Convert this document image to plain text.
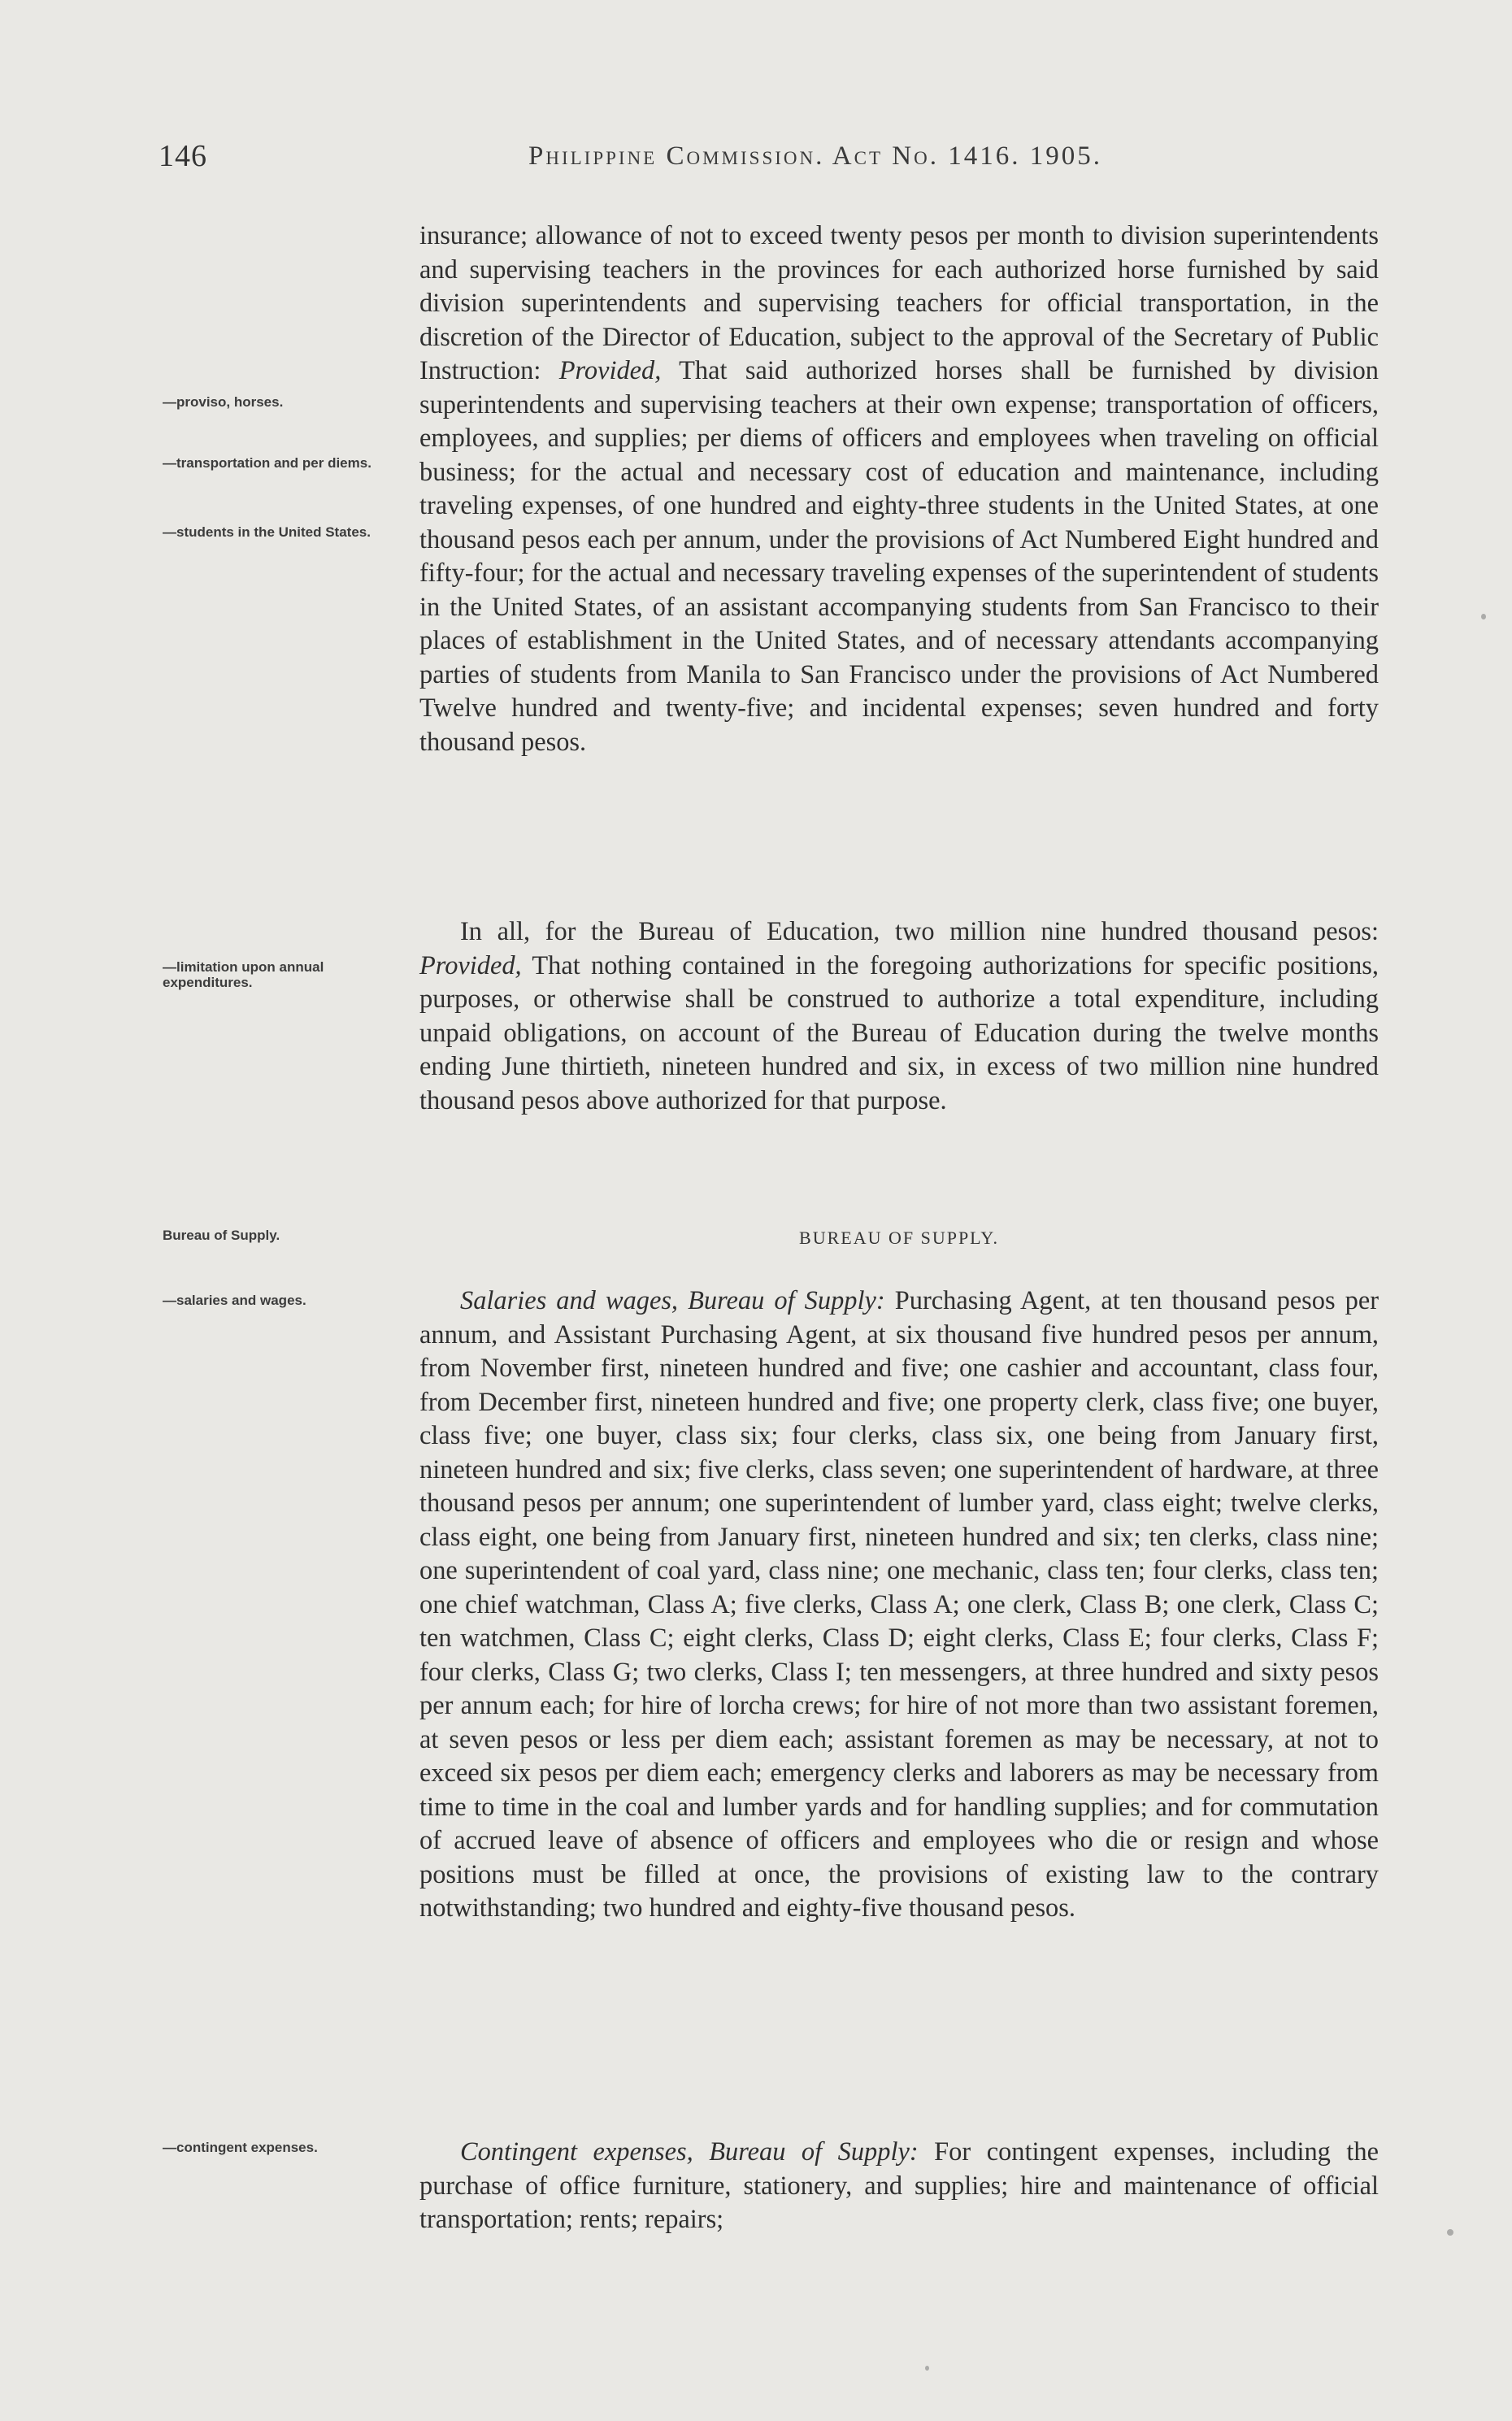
146	Philippine Commission. Act No. 1416. 1905.
—proviso, horses.
—transportation and per diems.
—students in the United States.
—limitation upon annual expenditures.
Bureau of Supply.
—salaries and wages.
—contingent expenses.

insurance; allowance of not to exceed twenty pesos per month to division superintendents and supervising teachers in the provinces for each authorized horse furnished by said division superintendents and supervising teachers for official transportation, in the discretion of the Director of Education, subject to the approval of the Secretary of Public Instruction: Provided, That said authorized horses shall be furnished by division superintendents and supervising teachers at their own expense; transportation of officers, employees, and supplies; per diems of officers and employees when traveling on official business; for the actual and necessary cost of education and maintenance, including traveling expenses, of one hundred and eighty-three students in the United States, at one thousand pesos each per annum, under the provisions of Act Numbered Eight hundred and fifty-four; for the actual and necessary traveling expenses of the superintendent of students in the United States, of an assistant accompanying students from San Francisco to their places of establishment in the United States, and of necessary attendants accompanying parties of students from Manila to San Francisco under the provisions of Act Numbered Twelve hundred and twenty-five; and incidental expenses; seven hundred and forty thousand pesos.

In all, for the Bureau of Education, two million nine hundred thousand pesos: Provided, That nothing contained in the foregoing authorizations for specific positions, purposes, or otherwise shall be construed to authorize a total expenditure, including unpaid obligations, on account of the Bureau of Education during the twelve months ending June thirtieth, nineteen hundred and six, in excess of two million nine hundred thousand pesos above authorized for that purpose.

BUREAU OF SUPPLY.

Salaries and wages, Bureau of Supply: Purchasing Agent, at ten thousand pesos per annum, and Assistant Purchasing Agent, at six thousand five hundred pesos per annum, from November first, nineteen hundred and five; one cashier and accountant, class four, from December first, nineteen hundred and five; one property clerk, class five; one buyer, class five; one buyer, class six; four clerks, class six, one being from January first, nineteen hundred and six; five clerks, class seven; one superintendent of hardware, at three thousand pesos per annum; one superintendent of lumber yard, class eight; twelve clerks, class eight, one being from January first, nineteen hundred and six; ten clerks, class nine; one superintendent of coal yard, class nine; one mechanic, class ten; four clerks, class ten; one chief watchman, Class A; five clerks, Class A; one clerk, Class B; one clerk, Class C; ten watchmen, Class C; eight clerks, Class D; eight clerks, Class E; four clerks, Class F; four clerks, Class G; two clerks, Class I; ten messengers, at three hundred and sixty pesos per annum each; for hire of lorcha crews; for hire of not more than two assistant foremen, at seven pesos or less per diem each; assistant foremen as may be necessary, at not to exceed six pesos per diem each; emergency clerks and laborers as may be necessary from time to time in the coal and lumber yards and for handling supplies; and for commutation of accrued leave of absence of officers and employees who die or resign and whose positions must be filled at once, the provisions of existing law to the contrary notwithstanding; two hundred and eighty-five thousand pesos.

Contingent expenses, Bureau of Supply: For contingent expenses, including the purchase of office furniture, stationery, and supplies; hire and maintenance of official transportation; rents; repairs;
